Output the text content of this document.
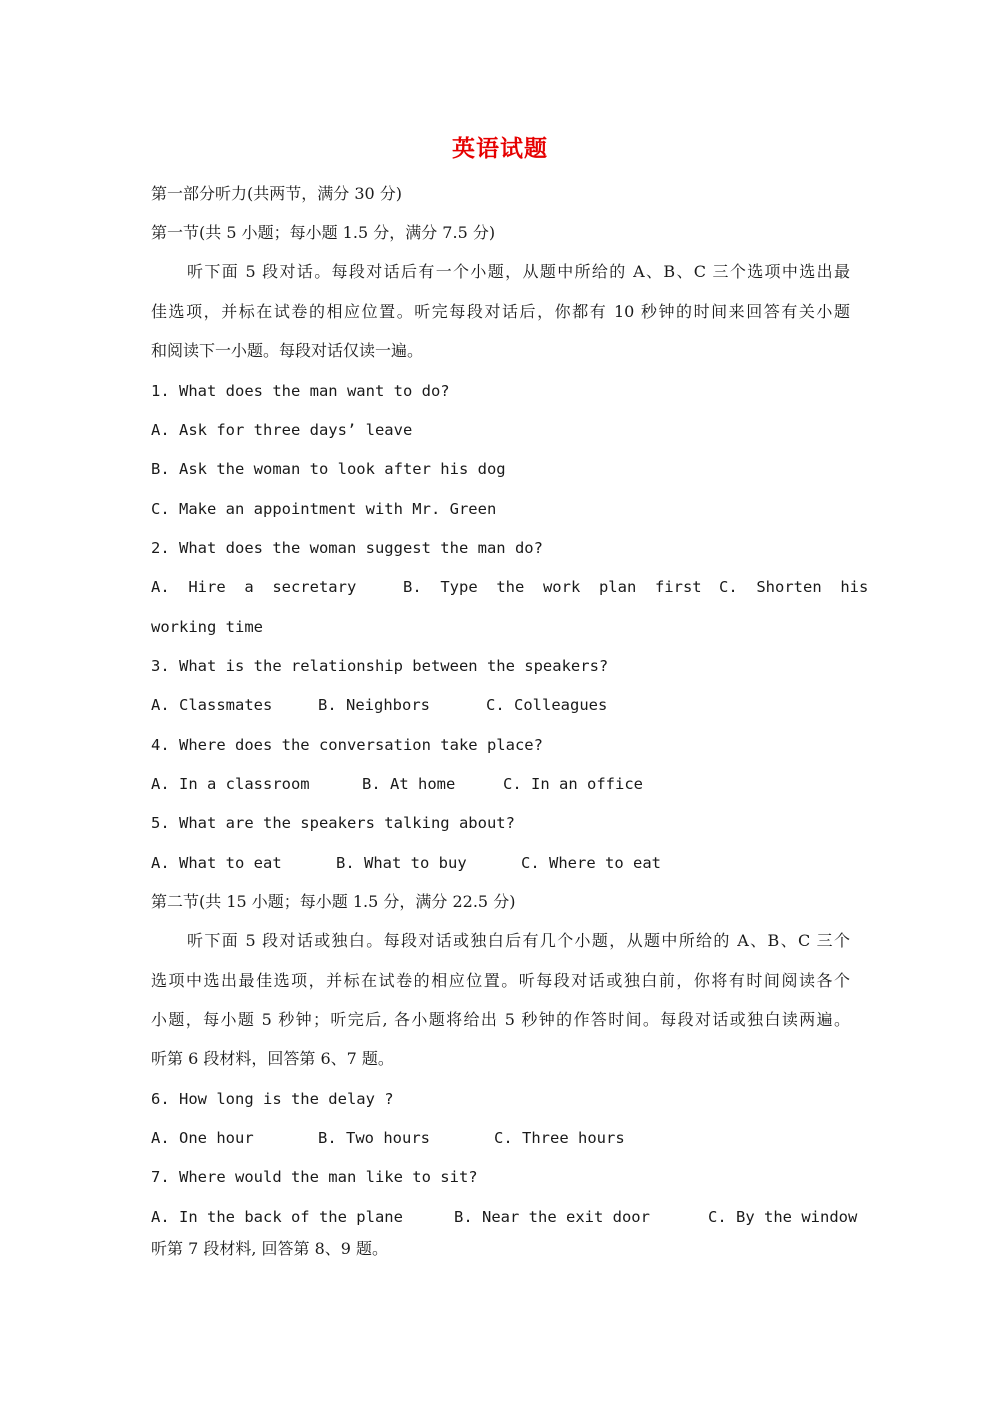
英语试题
第一部分听力(共两节，满分 30 分)
第一节(共 5 小题；每小题 1.5 分，满分 7.5 分)
听下面 5 段对话。每段对话后有一个小题，从题中所给的 A、B、C 三个选项中选出最
佳选项，并标在试卷的相应位置。听完每段对话后，你都有 10 秒钟的时间来回答有关小题
和阅读下一小题。每段对话仅读一遍。
1. What does the man want to do?
A. Ask for three days’ leave
B. Ask the woman to look after his dog
C. Make an appointment with Mr. Green
2. What does the woman suggest the man do?

A.  Hire  a  secretary

	B.  Type  the  work  plan  first

C.  Shorten  his

working time
3. What is the relationship between the speakers?

A. Classmates

	B. Neighbors

	C. Colleagues

4. Where does the conversation take place?

A. In a classroom

	B. At home

	C. In an office

5. What are the speakers talking about?

A. What to eat

	B. What to buy

	C. Where to eat

第二节(共 15 小题；每小题 1.5 分，满分 22.5 分)
听下面 5 段对话或独白。每段对话或独白后有几个小题，从题中所给的 A、B、C 三个
选项中选出最佳选项，并标在试卷的相应位置。听每段对话或独白前，你将有时间阅读各个
小题，每小题 5 秒钟；听完后, 各小题将给出 5 秒钟的作答时间。每段对话或独白读两遍。
听第 6 段材料，回答第 6、7 题。
6. How long is the delay ?

A. One hour

	B. Two hours

	C. Three hours

7. Where would the man like to sit?

A. In the back of the plane

	B. Near the exit door

	C. By the window

听第 7 段材料, 回答第 8、9 题。
